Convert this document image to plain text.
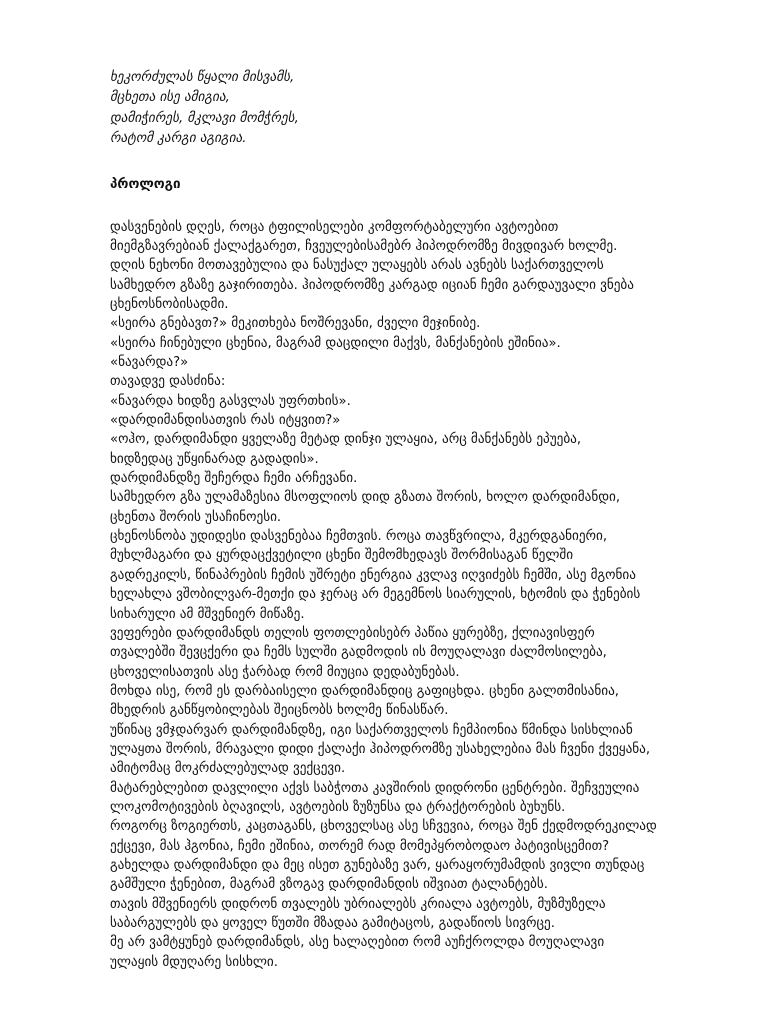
ხეკორძულას წყალი მისვამს,
მცხეთა ისე ამიგია,
დამიჭირეს, მკლავი მომჭრეს,
რატომ კარგი აგიგია.
პროლოგი
დასვენების დღეს, როცა ტფილისელები კომფორტაბელური ავტოებით
მიემგზავრებიან ქალაქგარეთ, ჩვეულებისამებრ ჰიპოდრომზე მივდივარ ხოლმე.
დღის ნეხონი მოთავებულია და ნასუქალ ულაყებს არას ავნებს საქართველოს
სამხედრო გზაზე გაჯირითება. ჰიპოდრომზე კარგად იციან ჩემი გარდაუვალი ვნება
ცხენოსნობისადმი.
«სეირა გნებავთ?» მეკითხება ნოშრევანი, ძველი მეჯინიბე.
«სეირა ჩინებული ცხენია, მაგრამ დაცდილი მაქვს, მანქანების ეშინია».
«ნავარდა?»
თავადვე დასძინა:
«ნავარდა ხიდზე გასვლას უფრთხის».
«დარდიმანდისათვის რას იტყვით?»
«ოჰო, დარდიმანდი ყველაზე მეტად დინჯი ულაყია, არც მანქანებს ეპუება,
ხიდზედაც უწყინარად გადადის».
დარდიმანდზე შეჩერდა ჩემი არჩევანი.
სამხედრო გზა ულამაზესია მსოფლიოს დიდ გზათა შორის, ხოლო დარდიმანდი,
ცხენთა შორის უსაჩინოესი.
ცხენოსნობა უდიდესი დასვენებაა ჩემთვის. როცა თავწვრილა, მკერდგანიერი,
მუხლმაგარი და ყურდაცქვეტილი ცხენი შემომხედავს შორმისაგან წელში
გადრეკილს, წინაპრების ჩემის უშრეტი ენერგია კვლავ იღვიძებს ჩემში, ასე მგონია
ხელახლა ვშობილვარ-მეთქი და ჯერაც არ მეგემნოს სიარულის, ხტომის და ჭენების
სიხარული ამ მშვენიერ მიწაზე.
ვეფერები დარდიმანდს თელის ფოთლებისებრ პაწია ყურებზე, ქლიავისფერ
თვალებში შევცქერი და ჩემს სულში გადმოდის ის მოუღალავი ძალმოსილება,
ცხოველისათვის ასე ჭარბად რომ მიუცია დედაბუნებას.
მოხდა ისე, რომ ეს დარბაისელი დარდიმანდიც გაფიცხდა. ცხენი გალთმისანია,
მხედრის განწყობილებას შეიცნობს ხოლმე წინასწარ.
უწინაც ვმჯდარვარ დარდიმანდზე, იგი საქართველოს ჩემპიონია წმინდა სისხლიან
ულაყთა შორის, მრავალი დიდი ქალაქი ჰიპოდრომზე უსახელებია მას ჩვენი ქვეყანა,
ამიტომაც მოკრძალებულად ვექცევი.
მატარებლებით დავლილი აქვს საბჭოთა კავშირის დიდრონი ცენტრები. შეჩვეულია
ლოკომოტივების ბღავილს, ავტოების ზუზუნსა და ტრაქტორების ბუხუნს.
როგორც ზოგიერთს, კაცთაგანს, ცხოველსაც ასე სჩვევია, როცა შენ ქედმოდრეკილად
ექცევი, მას ჰგონია, ჩემი ეშინია, თორემ რად მომეპყრობოდაო პატივისცემით?
გახელდა დარდიმანდი და მეც ისეთ გუნებაზე ვარ, ყარაყორუმამდის ვივლი თუნდაც
გამშული ჭენებით, მაგრამ ვზოგავ დარდიმანდის იშვიათ ტალანტებს.
თავის მშვენიერს დიდრონ თვალებს უბრიალებს კრიალა ავტოებს, მუზმუზელა
საბარგულებს და ყოველ წუთში მზადაა გამიტაცოს, გადაწიოს სივრცე.
მე არ ვამტყუნებ დარდიმანდს, ასე ხალაღებით რომ აუჩქროლდა მოუღალავი
ულაყის მდუღარე სისხლი.
